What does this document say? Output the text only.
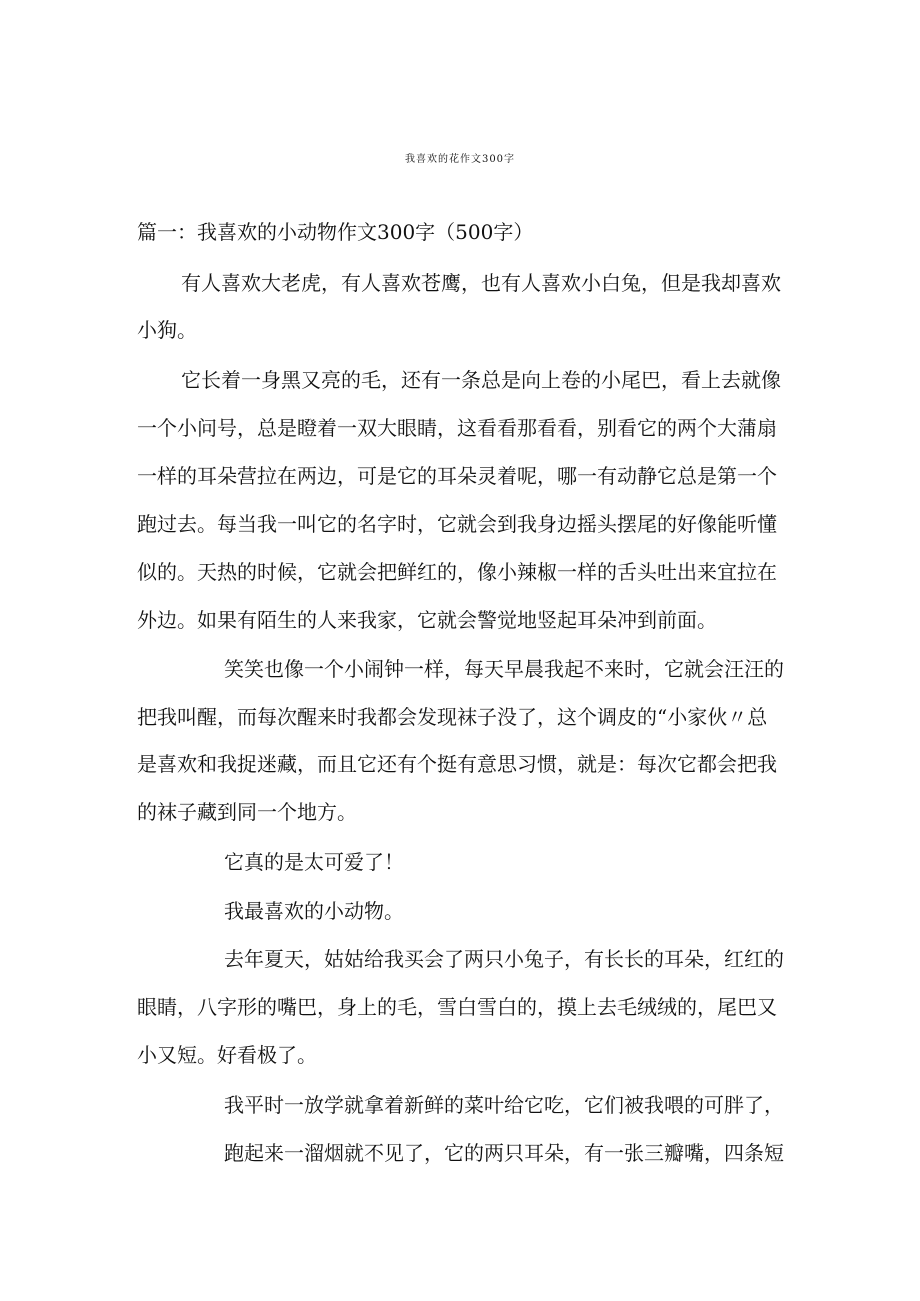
我喜欢的花作文300字
篇一：我喜欢的小动物作文300字（500字）
有人喜欢大老虎，有人喜欢苍鹰，也有人喜欢小白兔，但是我却喜欢
小狗。
它长着一身黑又亮的毛，还有一条总是向上卷的小尾巴，看上去就像
一个小问号，总是瞪着一双大眼睛，这看看那看看，别看它的两个大蒲扇
一样的耳朵营拉在两边，可是它的耳朵灵着呢，哪一有动静它总是第一个
跑过去。每当我一叫它的名字时，它就会到我身边摇头摆尾的好像能听懂
似的。天热的时候，它就会把鲜红的，像小辣椒一样的舌头吐出来宜拉在
外边。如果有陌生的人来我家，它就会警觉地竖起耳朵冲到前面。
笑笑也像一个小闹钟一样，每天早晨我起不来时，它就会汪汪的
把我叫醒，而每次醒来时我都会发现袜子没了，这个调皮的“小家伙〃总
是喜欢和我捉迷藏，而且它还有个挺有意思习惯，就是：每次它都会把我
的袜子藏到同一个地方。
它真的是太可爱了！
我最喜欢的小动物。
去年夏天，姑姑给我买会了两只小兔子，有长长的耳朵，红红的
眼睛，八字形的嘴巴，身上的毛，雪白雪白的，摸上去毛绒绒的，尾巴又
小又短。好看极了。
我平时一放学就拿着新鲜的菜叶给它吃，它们被我喂的可胖了，
跑起来一溜烟就不见了，它的两只耳朵，有一张三瓣嘴，四条短
